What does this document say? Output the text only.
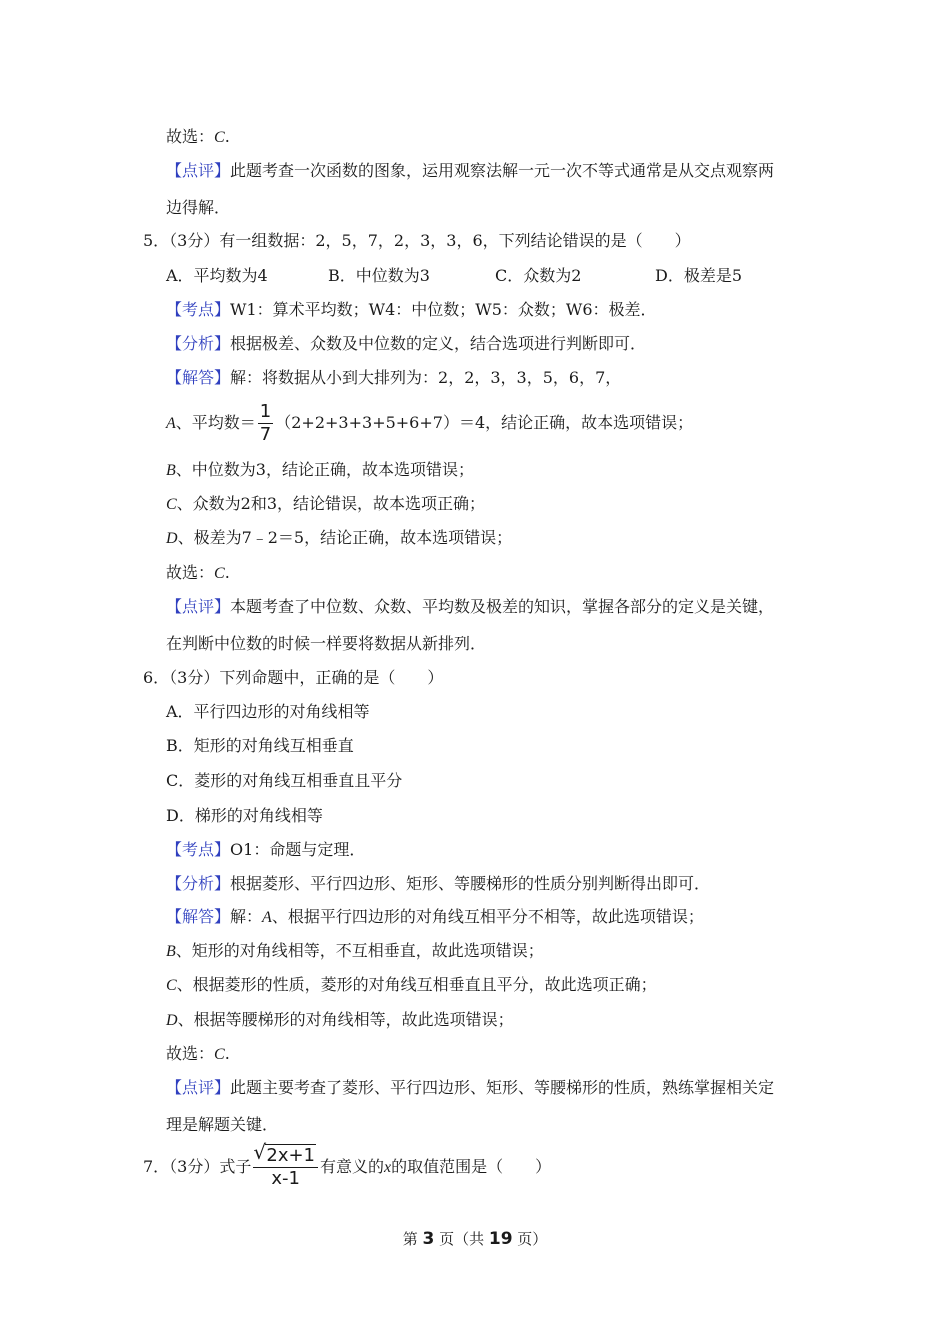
故选：C.
【点评】此题考查一次函数的图象，运用观察法解一元一次不等式通常是从交点观察两
边得解．
5．（3分）有一组数据：2，5，7，2，3，3，6，下列结论错误的是（　　）
A．平均数为4	B．中位数为3	C．众数为2	D．极差是5
【考点】W1：算术平均数；W4：中位数；W5：众数；W6：极差．
【分析】根据极差、众数及中位数的定义，结合选项进行判断即可．
【解答】解：将数据从小到大排列为：2，2，3，3，5，6，7，
A、平均数＝ $\frac{1}{7} (2+2+3+3+5+6+7)=4$，结论正确，故本选项错误；
B、中位数为3，结论正确，故本选项错误；
C、众数为2和3，结论错误，故本选项正确；
D、极差为7﹣2＝5，结论正确，故本选项错误；
故选：C.
【点评】本题考查了中位数、众数、平均数及极差的知识，掌握各部分的定义是关键，
在判断中位数的时候一样要将数据从新排列．
6．（3分）下列命题中，正确的是（　　）
A．平行四边形的对角线相等
B．矩形的对角线互相垂直
C．菱形的对角线互相垂直且平分
D．梯形的对角线相等
【考点】O1：命题与定理．
【分析】根据菱形、平行四边形、矩形、等腰梯形的性质分别判断得出即可．
【解答】解：A、根据平行四边形的对角线互相平分不相等，故此选项错误；
B、矩形的对角线相等，不互相垂直，故此选项错误；
C、根据菱形的性质，菱形的对角线互相垂直且平分，故此选项正确；
D、根据等腰梯形的对角线相等，故此选项错误；
故选：C.
【点评】此题主要考查了菱形、平行四边形、矩形、等腰梯形的性质，熟练掌握相关定
理是解题关键．
7．（3分）式子 $\frac{√ 2x+1}{x-1}$ 有意义的x的取值范围是（　　）
第 3 页（共 19 页）
